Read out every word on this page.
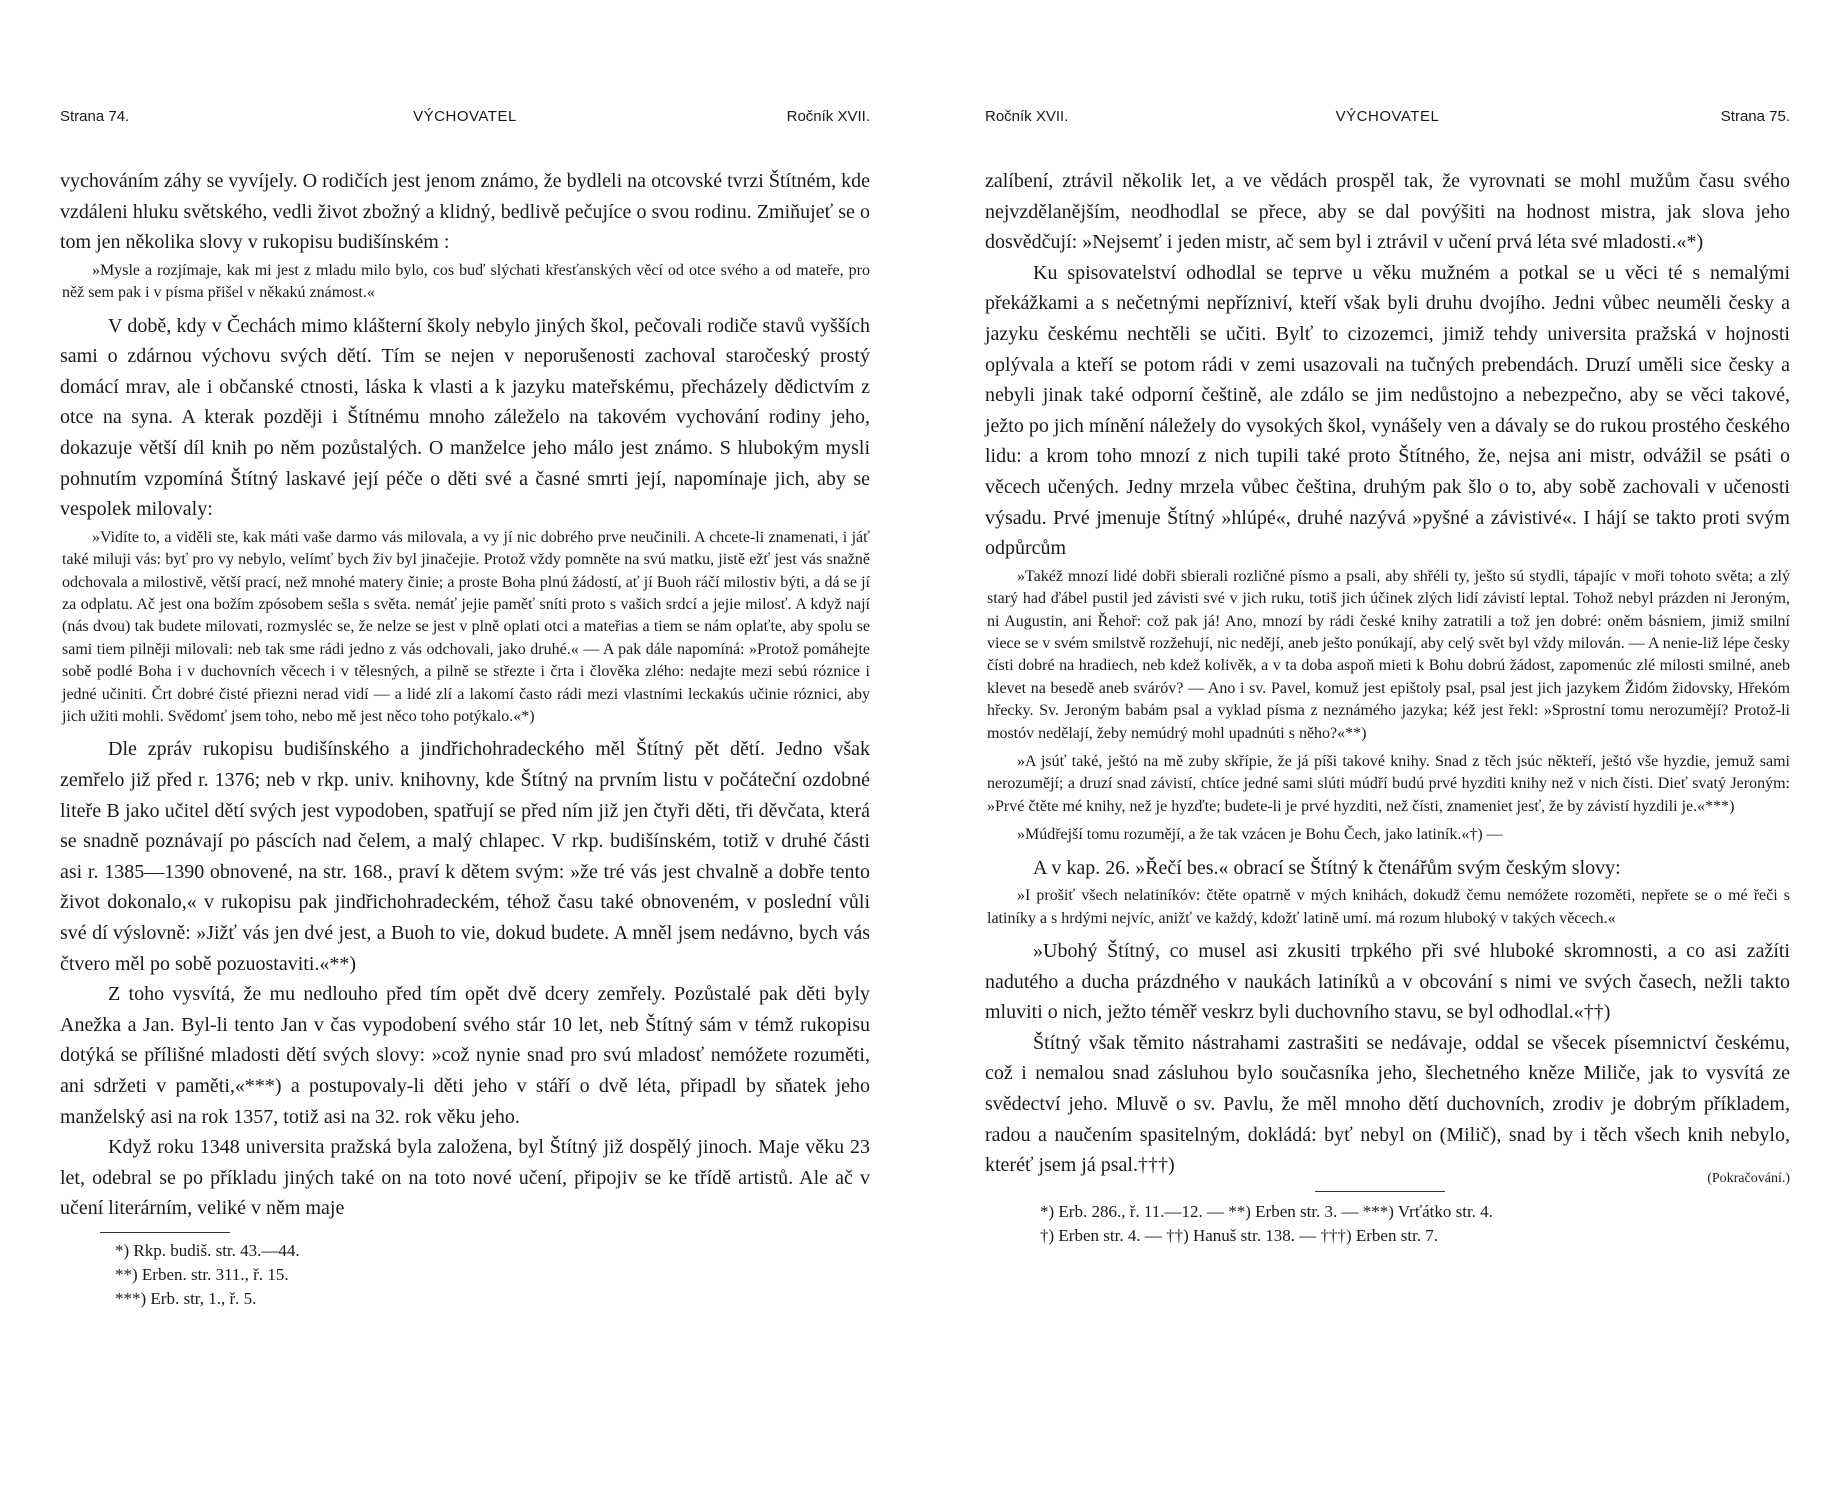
Strana 74.	VÝCHOVATEL	Ročník XVII.

vychováním záhy se vyvíjely. O rodičích jest jenom známo, že bydleli na otcovské tvrzi Štítném, kde vzdáleni hluku světského, vedli život zbožný a klidný, bedlivě pečujíce o svou rodinu. Zmiňujeť se o tom jen několika slovy v rukopisu budišínském :

»Mysle a rozjímaje, kak mi jest z mladu milo bylo, cos buď slýchati křesťanských věcí od otce svého a od mateře, pro něž sem pak i v písma přišel v někakú známost.«

V době, kdy v Čechách mimo klášterní školy nebylo jiných škol, pečovali rodiče stavů vyšších sami o zdárnou výchovu svých dětí. Tím se nejen v neporušenosti zachoval staročeský prostý domácí mrav, ale i občanské ctnosti, láska k vlasti a k jazyku mateřskému, přecházely dědictvím z otce na syna. A kterak později i Štítnému mnoho záleželo na takovém vychování rodiny jeho, dokazuje větší díl knih po něm pozůstalých. O manželce jeho málo jest známo. S hlubokým mysli pohnutím vzpomíná Štítný laskavé její péče o děti své a časné smrti její, napomínaje jich, aby se vespolek milovaly:

»Vidíte to, a viděli ste, kak máti vaše darmo vás milovala, a vy jí nic dobrého prve neučinili. A chcete-li znamenati, i jáť také miluji vás: byť pro vy nebylo, velímť bych živ byl jinačejie. Protož vždy pomněte na svú matku, jistě ežť jest vás snažně odchovala a milostivě, větší prací, než mnohé matery činie; a proste Boha plnú žádostí, ať jí Buoh ráčí milostiv býti, a dá se jí za odplatu. Ač jest ona božím zpósobem sešla s světa. nemáť jejie paměť sníti proto s vašich srdcí a jejie milosť. A když nají (nás dvou) tak budete milovati, rozmysléc se, že nelze se jest v plně oplati otci a mateřias a tiem se nám oplaťte, aby spolu se sami tiem pilněji milovali: neb tak sme rádi jedno z vás odchovali, jako druhé.« — A pak dále napomíná: »Protož pomáhejte sobě podlé Boha i v duchovních věcech i v tělesných, a pilně se střezte i črta i člověka zlého: nedajte mezi sebú róznice i jedné učiniti. Črt dobré čisté přiezni nerad vidí — a lidé zlí a lakomí často rádi mezi vlastními leckakús učinie róznici, aby jich užiti mohli. Svědomť jsem toho, nebo mě jest něco toho potýkalo.«*)

Dle zpráv rukopisu budišínského a jindřichohradeckého měl Štítný pět dětí. Jedno však zemřelo již před r. 1376; neb v rkp. univ. knihovny, kde Štítný na prvním listu v počáteční ozdobné liteře B jako učitel dětí svých jest vypodoben, spatřují se před ním již jen čtyři děti, tři děvčata, která se snadně poznávají po páscích nad čelem, a malý chlapec. V rkp. budišínském, totiž v druhé části asi r. 1385—1390 obnovené, na str. 168., praví k dětem svým: »že tré vás jest chvalně a dobře tento život dokonalo,« v rukopisu pak jindřichohradeckém, téhož času také obnoveném, v poslední vůli své dí výslovně: »Jižť vás jen dvé jest, a Buoh to vie, dokud budete. A mněl jsem nedávno, bych vás čtvero měl po sobě pozuostaviti.«**)

Z toho vysvítá, že mu nedlouho před tím opět dvě dcery zemřely. Pozůstalé pak děti byly Anežka a Jan. Byl-li tento Jan v čas vypodobení svého stár 10 let, neb Štítný sám v témž rukopisu dotýká se přílišné mladosti dětí svých slovy: »což nynie snad pro svú mladosť nemóžete rozuměti, ani sdržeti v paměti,«***) a postupovaly-li děti jeho v stáří o dvě léta, připadl by sňatek jeho manželský asi na rok 1357, totiž asi na 32. rok věku jeho.

Když roku 1348 universita pražská byla založena, byl Štítný již dospělý jinoch. Maje věku 23 let, odebral se po příkladu jiných také on na toto nové učení, připojiv se ke třídě artistů. Ale ač v učení literárním, veliké v něm maje

*) Rkp. budiš. str. 43.—44.
**) Erben. str. 311., ř. 15.
***) Erb. str, 1., ř. 5.
Ročník XVII.	VÝCHOVATEL	Strana 75.

zalíbení, ztrávil několik let, a ve vědách prospěl tak, že vyrovnati se mohl mužům času svého nejvzdělanějším, neodhodlal se přece, aby se dal povýšiti na hodnost mistra, jak slova jeho dosvědčují: »Nejsemť i jeden mistr, ač sem byl i ztrávil v učení prvá léta své mladosti.«*)

Ku spisovatelství odhodlal se teprve u věku mužném a potkal se u věci té s nemalými překážkami a s nečetnými nepřízniví, kteří však byli druhu dvojího. Jedni vůbec neuměli česky a jazyku českému nechtěli se učiti. Bylť to cizozemci, jimiž tehdy universita pražská v hojnosti oplývala a kteří se potom rádi v zemi usazovali na tučných prebendách. Druzí uměli sice česky a nebyli jinak také odporní češtině, ale zdálo se jim nedůstojno a nebezpečno, aby se věci takové, ježto po jich mínění náležely do vysokých škol, vynášely ven a dávaly se do rukou prostého českého lidu: a krom toho mnozí z nich tupili také proto Štítného, že, nejsa ani mistr, odvážil se psáti o věcech učených. Jedny mrzela vůbec čeština, druhým pak šlo o to, aby sobě zachovali v učenosti výsadu. Prvé jmenuje Štítný »hlúpé«, druhé nazývá »pyšné a závistivé«. I hájí se takto proti svým odpůrcům

»Takéž mnozí lidé dobři sbierali rozličné písmo a psali, aby shřéli ty, ješto sú stydli, tápajíc v moři tohoto světa; a zlý starý had ďábel pustil jed závisti své v jich ruku, totiš jich účinek zlých lidí závistí leptal. Tohož nebyl prázden ni Jeroným, ni Augustin, ani Řehoř: což pak já! Ano, mnozí by rádi české knihy zatratili a tož jen dobré: oněm básniem, jimiž smilní viece se v svém smilstvě rozžehují, nic nedějí, aneb ješto ponúkají, aby celý svět byl vždy milován. — A nenie-liž lépe česky čísti dobré na hradiech, neb kdež kolivěk, a v ta doba aspoň mieti k Bohu dobrú žádost, zapomenúc zlé milosti smilné, aneb klevet na besedě aneb sváróv? — Ano i sv. Pavel, komuž jest epištoly psal, psal jest jich jazykem Židóm židovsky, Hřekóm hřecky. Sv. Jeroným babám psal a vyklad písma z neznámého jazyka; kéž jest řekl: »Sprostní tomu nerozumějí? Protož-li mostóv nedělají, žeby nemúdrý mohl upadnúti s něho?«**)

»A jsúť také, ještó na mě zuby skřípie, že já píši takové knihy. Snad z těch jsúc někteří, ještó vše hyzdie, jemuž sami nerozumějí; a druzí snad závistí, chtíce jedné sami slúti múdří budú prvé hyzditi knihy než v nich čísti. Dieť svatý Jeroným: »Prvé čtěte mé knihy, než je hyzďte; budete-li je prvé hyzditi, než čísti, znameniet jesť, že by závistí hyzdili je.«***)

»Múdřejší tomu rozumějí, a že tak vzácen je Bohu Čech, jako latiník.«†) —

A v kap. 26. »Řečí bes.« obrací se Štítný k čtenářům svým českým slovy:

»I prošiť všech nelatiníkóv: čtěte opatrně v mých knihách, dokudž čemu nemóžete rozoměti, nepřete se o mé řeči s latiníky a s hrdými nejvíc, anižť ve každý, kdožť latině umí. má rozum hluboký v takých věcech.«

»Ubohý Štítný, co musel asi zkusiti trpkého při své hluboké skromnosti, a co asi zažíti nadutého a ducha prázdného v naukách latiníků a v obcování s nimi ve svých časech, nežli takto mluviti o nich, ježto téměř veskrz byli duchovního stavu, se byl odhodlal.«††)

Štítný však těmito nástrahami zastrašiti se nedávaje, oddal se všecek písemnictví českému, což i nemalou snad zásluhou bylo současníka jeho, šlechetného kněze Miliče, jak to vysvítá ze svědectví jeho. Mluvě o sv. Pavlu, že měl mnoho dětí duchovních, zrodiv je dobrým příkladem, radou a naučením spasitelným, dokládá: byť nebyl on (Milič), snad by i těch všech knih nebylo, kteréť jsem já psal.†††)
(Pokračování.)

*) Erb. 286., ř. 11.—12. — **) Erben str. 3. — ***) Vrťátko str. 4.
†) Erben str. 4. — ††) Hanuš str. 138. — †††) Erben str. 7.
